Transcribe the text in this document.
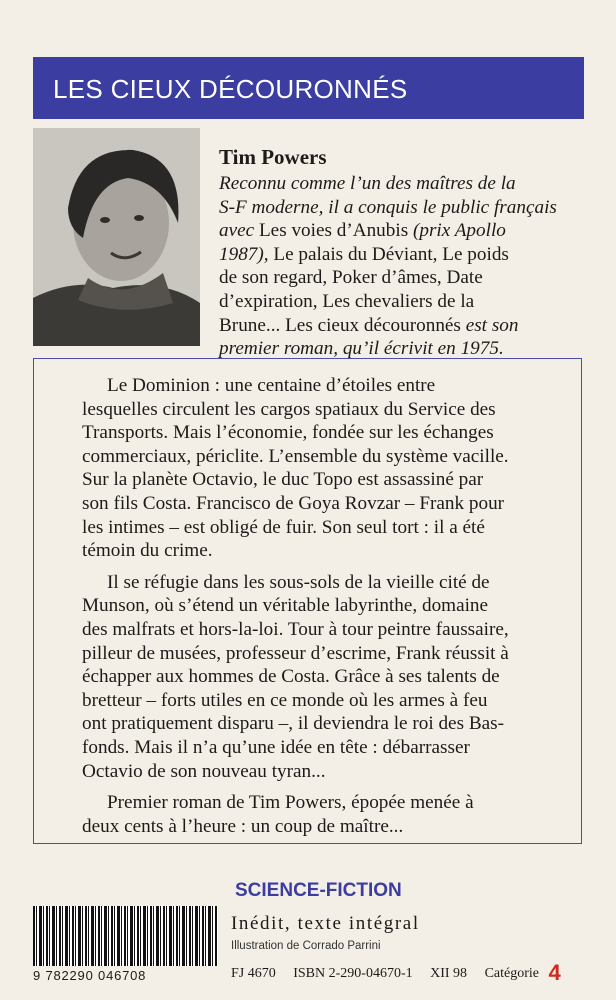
LES CIEUX DÉCOURONNÉS
Tim Powers

Reconnu comme l’un des maîtres de la

S-F moderne, il a conquis le public français

avec Les voies d’Anubis (prix Apollo

1987), Le palais du Déviant, Le poids

de son regard, Poker d’âmes, Date

d’expiration, Les chevaliers de la

Brune... Les cieux découronnés est son

premier roman, qu’il écrivit en 1975.

Le Dominion : une centaine d’étoiles entre

lesquelles circulent les cargos spatiaux du Service des

Transports. Mais l’économie, fondée sur les échanges

commerciaux, périclite. L’ensemble du système vacille.

Sur la planète Octavio, le duc Topo est assassiné par

son fils Costa. Francisco de Goya Rovzar – Frank pour

les intimes – est obligé de fuir. Son seul tort : il a été

témoin du crime.

Il se réfugie dans les sous-sols de la vieille cité de

Munson, où s’étend un véritable labyrinthe, domaine

des malfrats et hors-la-loi. Tour à tour peintre faussaire,

pilleur de musées, professeur d’escrime, Frank réussit à

échapper aux hommes de Costa. Grâce à ses talents de

bretteur – forts utiles en ce monde où les armes à feu

ont pratiquement disparu –, il deviendra le roi des Bas-

fonds. Mais il n’a qu’une idée en tête : débarrasser

Octavio de son nouveau tyran...

Premier roman de Tim Powers, épopée menée à

deux cents à l’heure : un coup de maître...

SCIENCE-FICTION
Inédit, texte intégral
Illustration de Corrado Parrini
FJ 4670 ISBN 2-290-04670-1 XII 98 Catégorie 4
9 782290 046708
